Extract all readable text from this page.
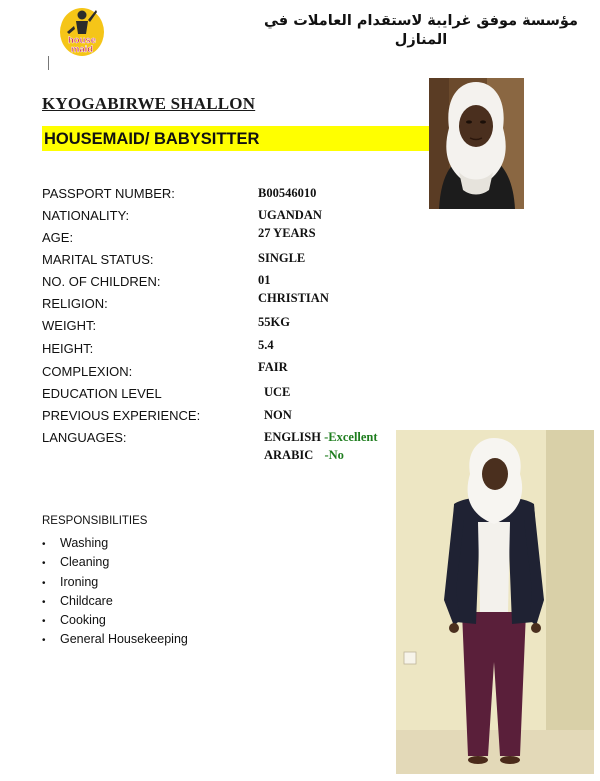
house
maid
مؤسسة موفق غرايبة لاستقدام العاملات في
المنازل
KYOGABIRWE SHALLON
HOUSEMAID/ BABYSITTER
PASSPORT NUMBER:	B00546010
NATIONALITY:	UGANDAN
AGE:	27 YEARS
MARITAL STATUS:	SINGLE
NO. OF CHILDREN:	01
RELIGION:	CHRISTIAN
WEIGHT:	55KG
HEIGHT:	5.4
COMPLEXION:	FAIR
EDUCATION LEVEL	UCE
PREVIOUS EXPERIENCE:	NON
LANGUAGES:	ENGLISH -Excellent
ARABIC -No
RESPONSIBILITIES
• Washing
• Cleaning
• Ironing
• Childcare
• Cooking
• General Housekeeping
